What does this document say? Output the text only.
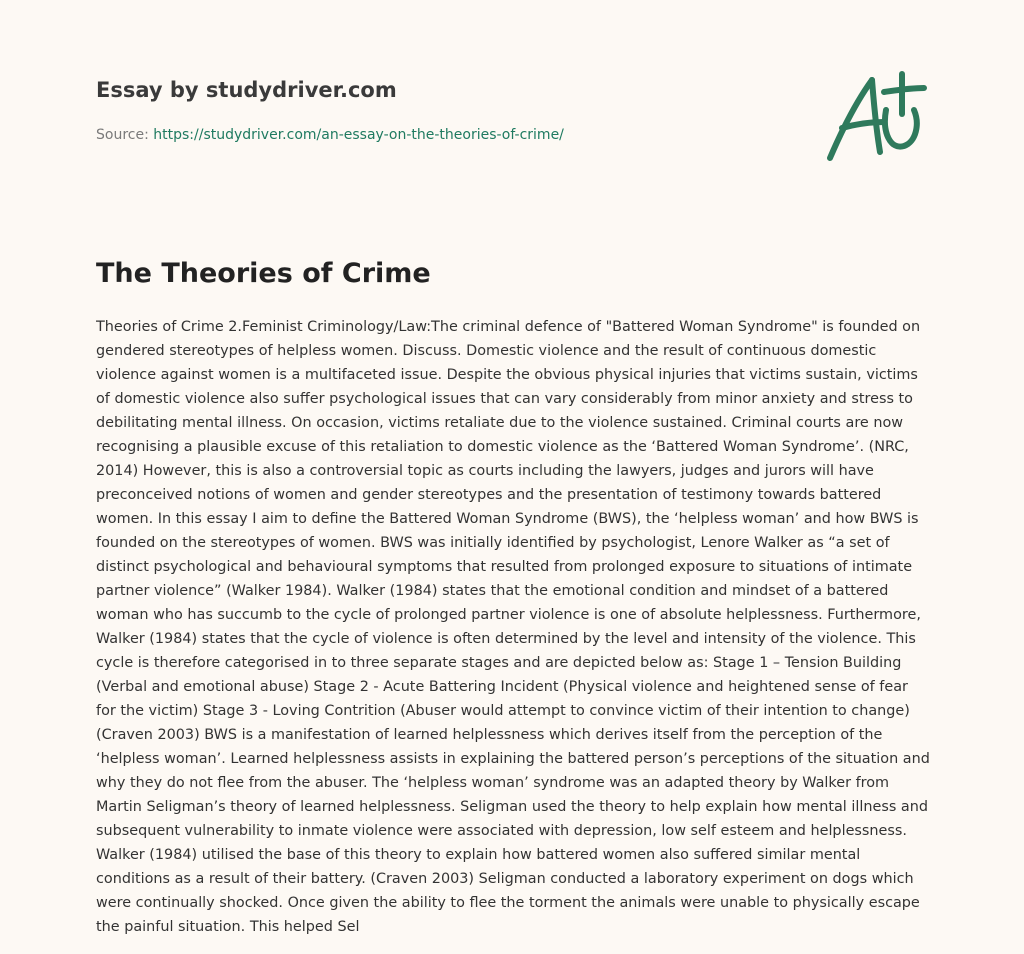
Essay by studydriver.com
Source: https://studydriver.com/an-essay-on-the-theories-of-crime/
The Theories of Crime

Theories of Crime 2.Feminist Criminology/Law:The criminal defence of "Battered Woman Syndrome" is founded on gendered stereotypes of helpless women. Discuss. Domestic violence and the result of continuous domestic violence against women is a multifaceted issue. Despite the obvious physical injuries that victims sustain, victims of domestic violence also suffer psychological issues that can vary considerably from minor anxiety and stress to debilitating mental illness. On occasion, victims retaliate due to the violence sustained. Criminal courts are now recognising a plausible excuse of this retaliation to domestic violence as the ‘Battered Woman Syndrome’. (NRC, 2014) However, this is also a controversial topic as courts including the lawyers, judges and jurors will have preconceived notions of women and gender stereotypes and the presentation of testimony towards battered women. In this essay I aim to define the Battered Woman Syndrome (BWS), the ‘helpless woman’ and how BWS is founded on the stereotypes of women. BWS was initially identified by psychologist, Lenore Walker as “a set of distinct psychological and behavioural symptoms that resulted from prolonged exposure to situations of intimate partner violence” (Walker 1984). Walker (1984) states that the emotional condition and mindset of a battered woman who has succumb to the cycle of prolonged partner violence is one of absolute helplessness. Furthermore, Walker (1984) states that the cycle of violence is often determined by the level and intensity of the violence. This cycle is therefore categorised in to three separate stages and are depicted below as: Stage 1 – Tension Building (Verbal and emotional abuse) Stage 2 - Acute Battering Incident (Physical violence and heightened sense of fear for the victim) Stage 3 - Loving Contrition (Abuser would attempt to convince victim of their intention to change) (Craven 2003) BWS is a manifestation of learned helplessness which derives itself from the perception of the ‘helpless woman’. Learned helplessness assists in explaining the battered person’s perceptions of the situation and why they do not flee from the abuser. The ‘helpless woman’ syndrome was an adapted theory by Walker from Martin Seligman’s theory of learned helplessness. Seligman used the theory to help explain how mental illness and subsequent vulnerability to inmate violence were associated with depression, low self esteem and helplessness. Walker (1984) utilised the base of this theory to explain how battered women also suffered similar mental conditions as a result of their battery. (Craven 2003) Seligman conducted a laboratory experiment on dogs which were continually shocked. Once given the ability to flee the torment the animals were unable to physically escape the painful situation. This helped Sel
